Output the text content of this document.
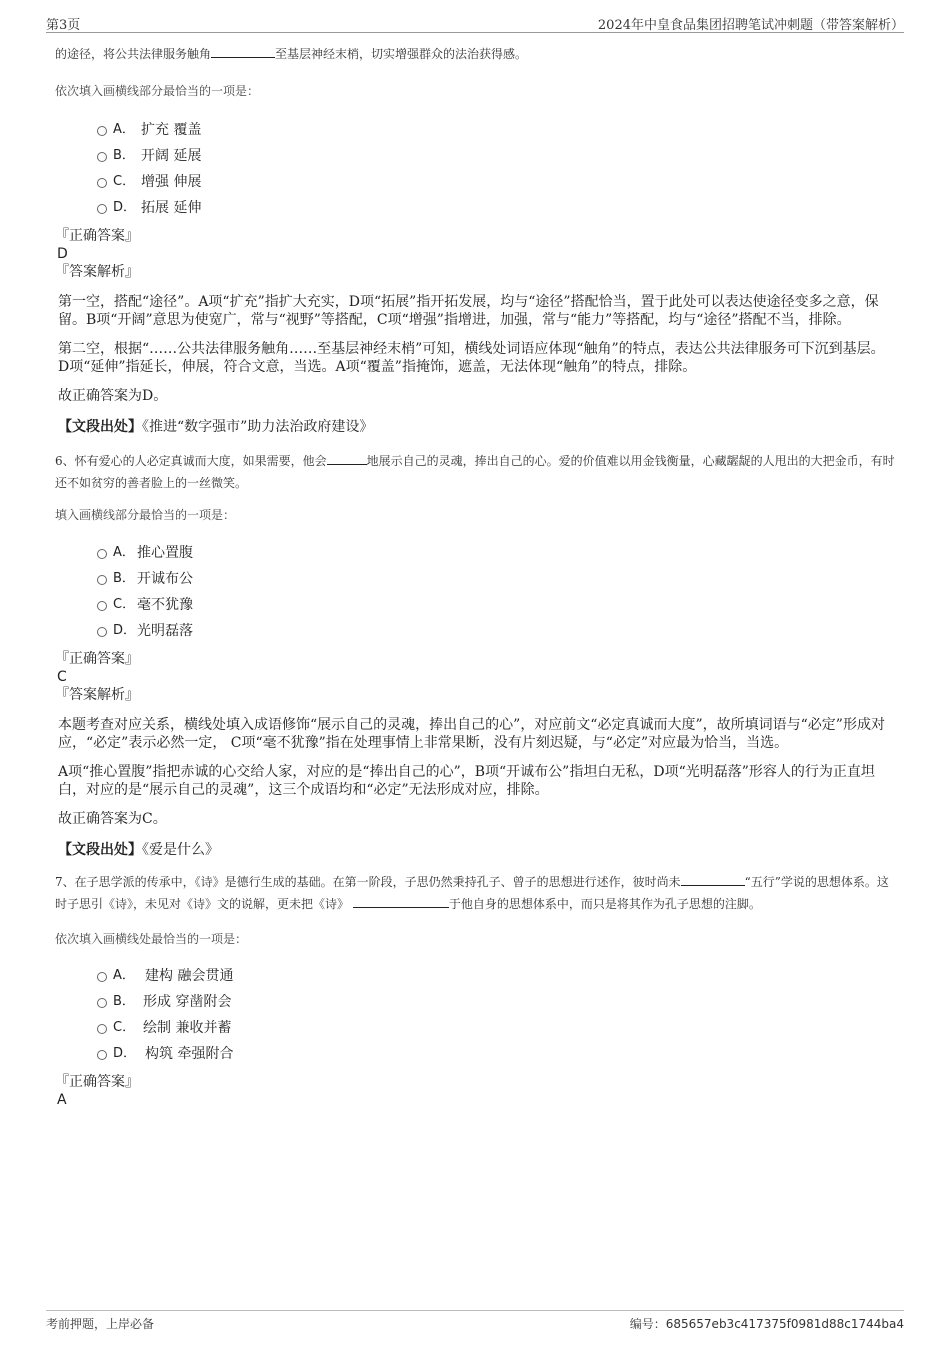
第3页	2024年中皇食品集团招聘笔试冲刺题（带答案解析）

的途径，将公共法律服务触角	至基层神经末梢，切实增强群众的法治获得感。

依次填入画横线部分最恰当的一项是：

A． 扩充 覆盖
B． 开阔 延展
C． 增强 伸展
D． 拓展 延伸

『正确答案』

D

『答案解析』

第一空，搭配“途径”。A项“扩充”指扩大充实，D项“拓展”指开拓发展，均与“途径”搭配恰当，置于此处可以表达使途径变多之意，保留。B项“开阔”意思为使宽广，常与“视野”等搭配，C项“增强”指增进，加强，常与“能力”等搭配，均与“途径”搭配不当，排除。

第二空，根据“……公共法律服务触角……至基层神经末梢”可知，横线处词语应体现“触角”的特点，表达公共法律服务可下沉到基层。D项“延伸”指延长，伸展，符合文意，当选。A项“覆盖”指掩饰，遮盖，无法体现“触角”的特点，排除。

故正确答案为D。

【文段出处】《推进“数字强市”助力法治政府建设》

6、怀有爱心的人必定真诚而大度，如果需要，他会	地展示自己的灵魂，捧出自己的心。爱的价值难以用金钱衡量，心藏龌龊的人甩出的大把金币，有时还不如贫穷的善者脸上的一丝微笑。

填入画横线部分最恰当的一项是：

A． 推心置腹
B． 开诚布公
C． 毫不犹豫
D． 光明磊落

『正确答案』

C

『答案解析』

本题考查对应关系，横线处填入成语修饰“展示自己的灵魂，捧出自己的心”，对应前文“必定真诚而大度”，故所填词语与“必定”形成对应，“必定”表示必然一定， C项“毫不犹豫”指在处理事情上非常果断，没有片刻迟疑，与“必定”对应最为恰当，当选。

A项“推心置腹”指把赤诚的心交给人家，对应的是“捧出自己的心”，B项“开诚布公”指坦白无私，D项“光明磊落”形容人的行为正直坦白，对应的是“展示自己的灵魂”，这三个成语均和“必定”无法形成对应，排除。

故正确答案为C。

【文段出处】《爱是什么》

7、在子思学派的传承中，《诗》是德行生成的基础。在第一阶段，子思仍然秉持孔子、曾子的思想进行述作，彼时尚未	“五行”学说的思想体系。这时子思引《诗》，未见对《诗》文的说解，更未把《诗》	于他自身的思想体系中，而只是将其作为孔子思想的注脚。

依次填入画横线处最恰当的一项是：

A． 建构 融会贯通
B． 形成 穿凿附会
C． 绘制 兼收并蓄
D． 构筑 牵强附合

『正确答案』

A

考前押题，上岸必备	编号：685657eb3c417375f0981d88c1744ba4
